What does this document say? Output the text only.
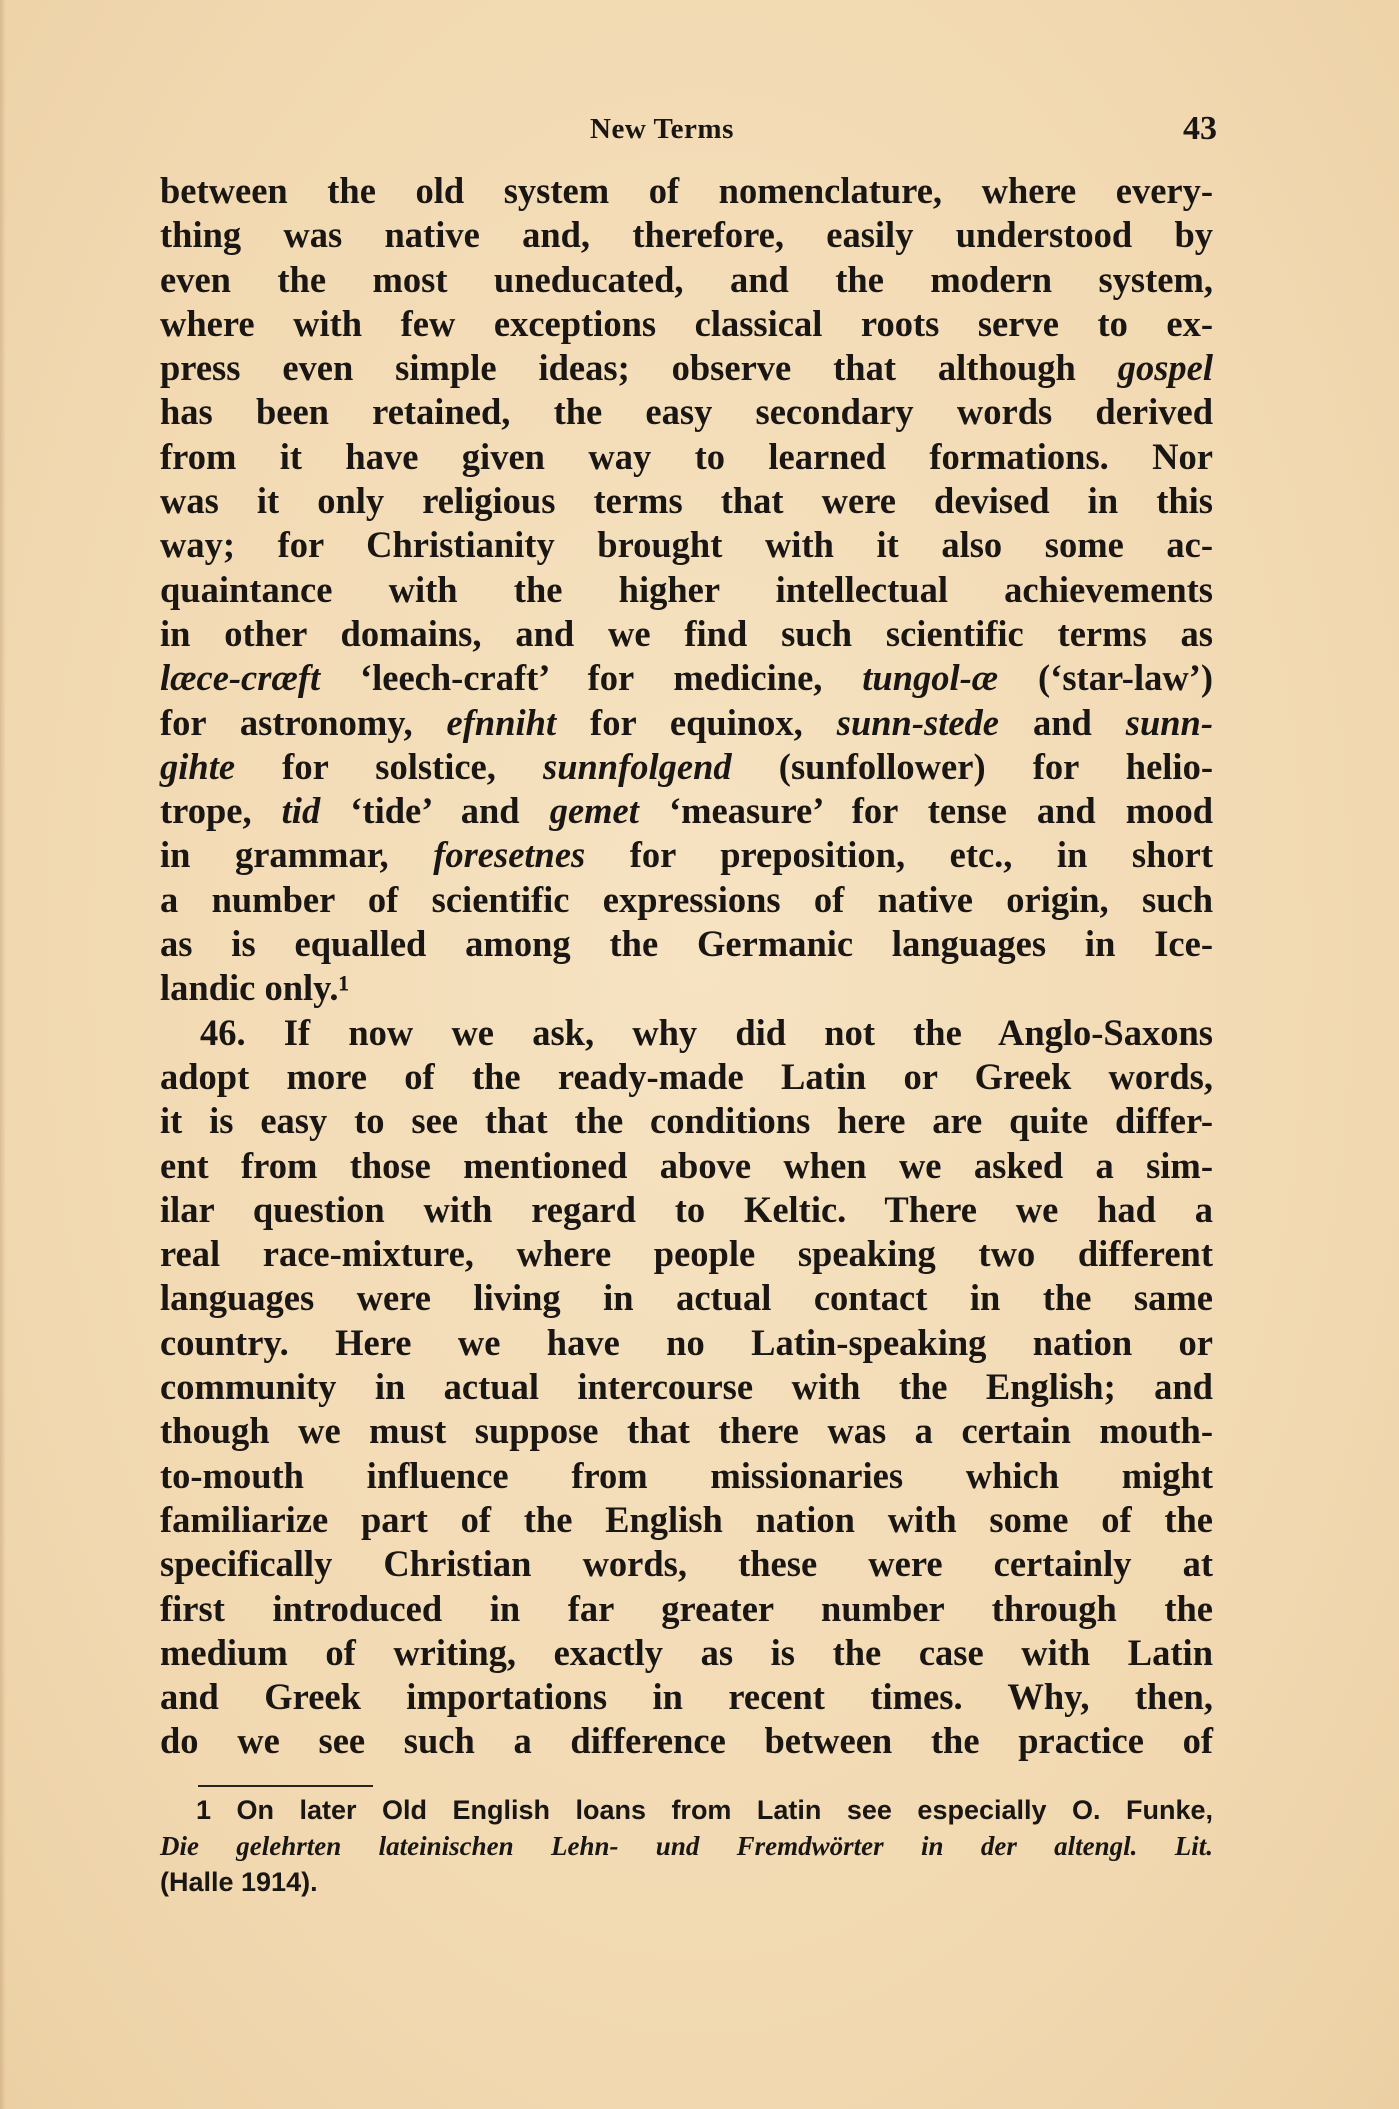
New Terms	43
between the old system of nomenclature, where every-
thing was native and, therefore, easily understood by
even the most uneducated, and the modern system,
where with few exceptions classical roots serve to ex-
press even simple ideas; observe that although gospel
has been retained, the easy secondary words derived
from it have given way to learned formations. Nor
was it only religious terms that were devised in this
way; for Christianity brought with it also some ac-
quaintance with the higher intellectual achievements
in other domains, and we find such scientific terms as
læce-cræft ‘leech-craft’ for medicine, tungol-æ (‘star-law’)
for astronomy, efnniht for equinox, sunn-stede and sunn-
gihte for solstice, sunnfolgend (sunfollower) for helio-
trope, tid ‘tide’ and gemet ‘measure’ for tense and mood
in grammar, foresetnes for preposition, etc., in short
a number of scientific expressions of native origin, such
as is equalled among the Germanic languages in Ice-
landic only.¹
46. If now we ask, why did not the Anglo-Saxons
adopt more of the ready-made Latin or Greek words,
it is easy to see that the conditions here are quite differ-
ent from those mentioned above when we asked a sim-
ilar question with regard to Keltic. There we had a
real race-mixture, where people speaking two different
languages were living in actual contact in the same
country. Here we have no Latin-speaking nation or
community in actual intercourse with the English; and
though we must suppose that there was a certain mouth-
to-mouth influence from missionaries which might
familiarize part of the English nation with some of the
specifically Christian words, these were certainly at
first introduced in far greater number through the
medium of writing, exactly as is the case with Latin
and Greek importations in recent times. Why, then,
do we see such a difference between the practice of
1 On later Old English loans from Latin see especially O. Funke,
Die gelehrten lateinischen Lehn- und Fremdwörter in der altengl. Lit.
(Halle 1914).
